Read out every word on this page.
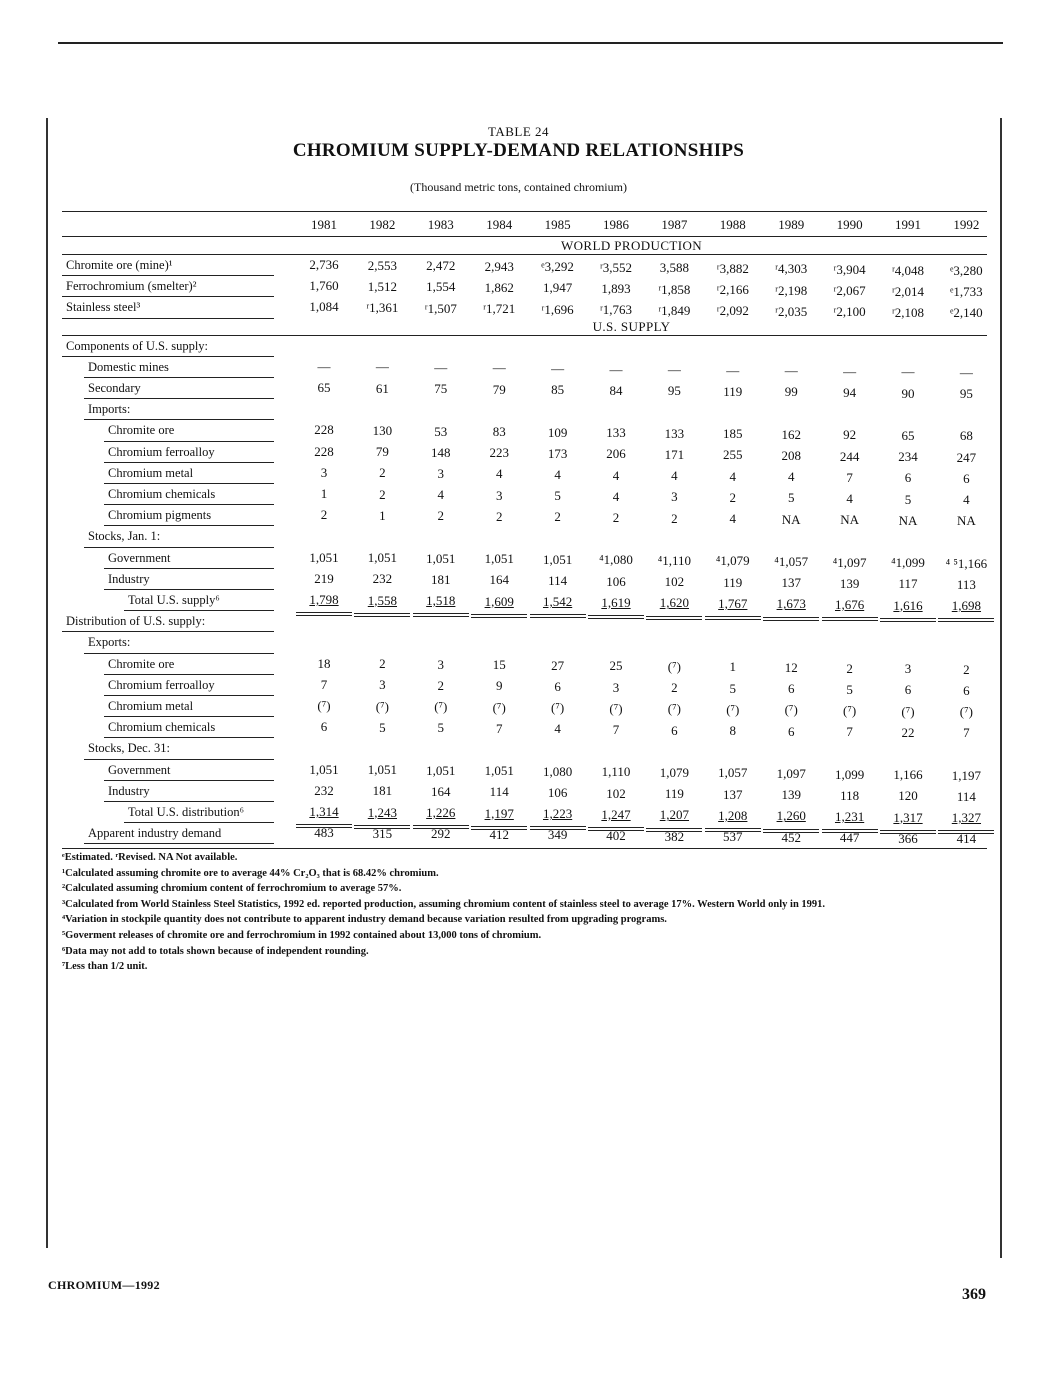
TABLE 24
CHROMIUM SUPPLY-DEMAND RELATIONSHIPS
(Thousand metric tons, contained chromium)
1981	1982	1983	1984	1985	1986	1987	1988	1989	1990	1991	1992
WORLD PRODUCTION
Chromite ore (mine)¹	2,736	2,553	2,472	2,943	ᵉ3,292	ʳ3,552	3,588	ʳ3,882	ʳ4,303	ʳ3,904	ʳ4,048	ᵉ3,280
Ferrochromium (smelter)²	1,760	1,512	1,554	1,862	1,947	1,893	ʳ1,858	ʳ2,166	ʳ2,198	ʳ2,067	ʳ2,014	ᵉ1,733
Stainless steel³	1,084	ʳ1,361	ʳ1,507	ʳ1,721	ʳ1,696	ʳ1,763	ʳ1,849	ʳ2,092	ʳ2,035	ʳ2,100	ʳ2,108	ᵉ2,140
U.S. SUPPLY
Components of U.S. supply:
Domestic mines	—	—	—	—	—	—	—	—	—	—	—	—
Secondary	65	61	75	79	85	84	95	119	99	94	90	95
Imports:
Chromite ore	228	130	53	83	109	133	133	185	162	92	65	68
Chromium ferroalloy	228	79	148	223	173	206	171	255	208	244	234	247
Chromium metal	3	2	3	4	4	4	4	4	4	7	6	6
Chromium chemicals	1	2	4	3	5	4	3	2	5	4	5	4
Chromium pigments	2	1	2	2	2	2	2	4	NA	NA	NA	NA
Stocks, Jan. 1:
Government	1,051	1,051	1,051	1,051	1,051	⁴1,080	⁴1,110	⁴1,079	⁴1,057	⁴1,097	⁴1,099	⁴ ⁵1,166
Industry	219	232	181	164	114	106	102	119	137	139	117	113
Total U.S. supply⁶	1,798	1,558	1,518	1,609	1,542	1,619	1,620	1,767	1,673	1,676	1,616	1,698
Distribution of U.S. supply:
Exports:
Chromite ore	18	2	3	15	27	25	(⁷)	1	12	2	3	2
Chromium ferroalloy	7	3	2	9	6	3	2	5	6	5	6	6
Chromium metal	(⁷)	(⁷)	(⁷)	(⁷)	(⁷)	(⁷)	(⁷)	(⁷)	(⁷)	(⁷)	(⁷)	(⁷)
Chromium chemicals	6	5	5	7	4	7	6	8	6	7	22	7
Stocks, Dec. 31:
Government	1,051	1,051	1,051	1,051	1,080	1,110	1,079	1,057	1,097	1,099	1,166	1,197
Industry	232	181	164	114	106	102	119	137	139	118	120	114
Total U.S. distribution⁶	1,314	1,243	1,226	1,197	1,223	1,247	1,207	1,208	1,260	1,231	1,317	1,327
Apparent industry demand	483	315	292	412	349	402	382	537	452	447	366	414
ᵉEstimated. ʳRevised. NA Not available.
¹Calculated assuming chromite ore to average 44% Cr₂O₃ that is 68.42% chromium.
²Calculated assuming chromium content of ferrochromium to average 57%.
³Calculated from World Stainless Steel Statistics, 1992 ed. reported production, assuming chromium content of stainless steel to average 17%. Western World only in 1991.
⁴Variation in stockpile quantity does not contribute to apparent industry demand because variation resulted from upgrading programs.
⁵Goverment releases of chromite ore and ferrochromium in 1992 contained about 13,000 tons of chromium.
⁶Data may not add to totals shown because of independent rounding.
⁷Less than 1/2 unit.
CHROMIUM—1992
369
